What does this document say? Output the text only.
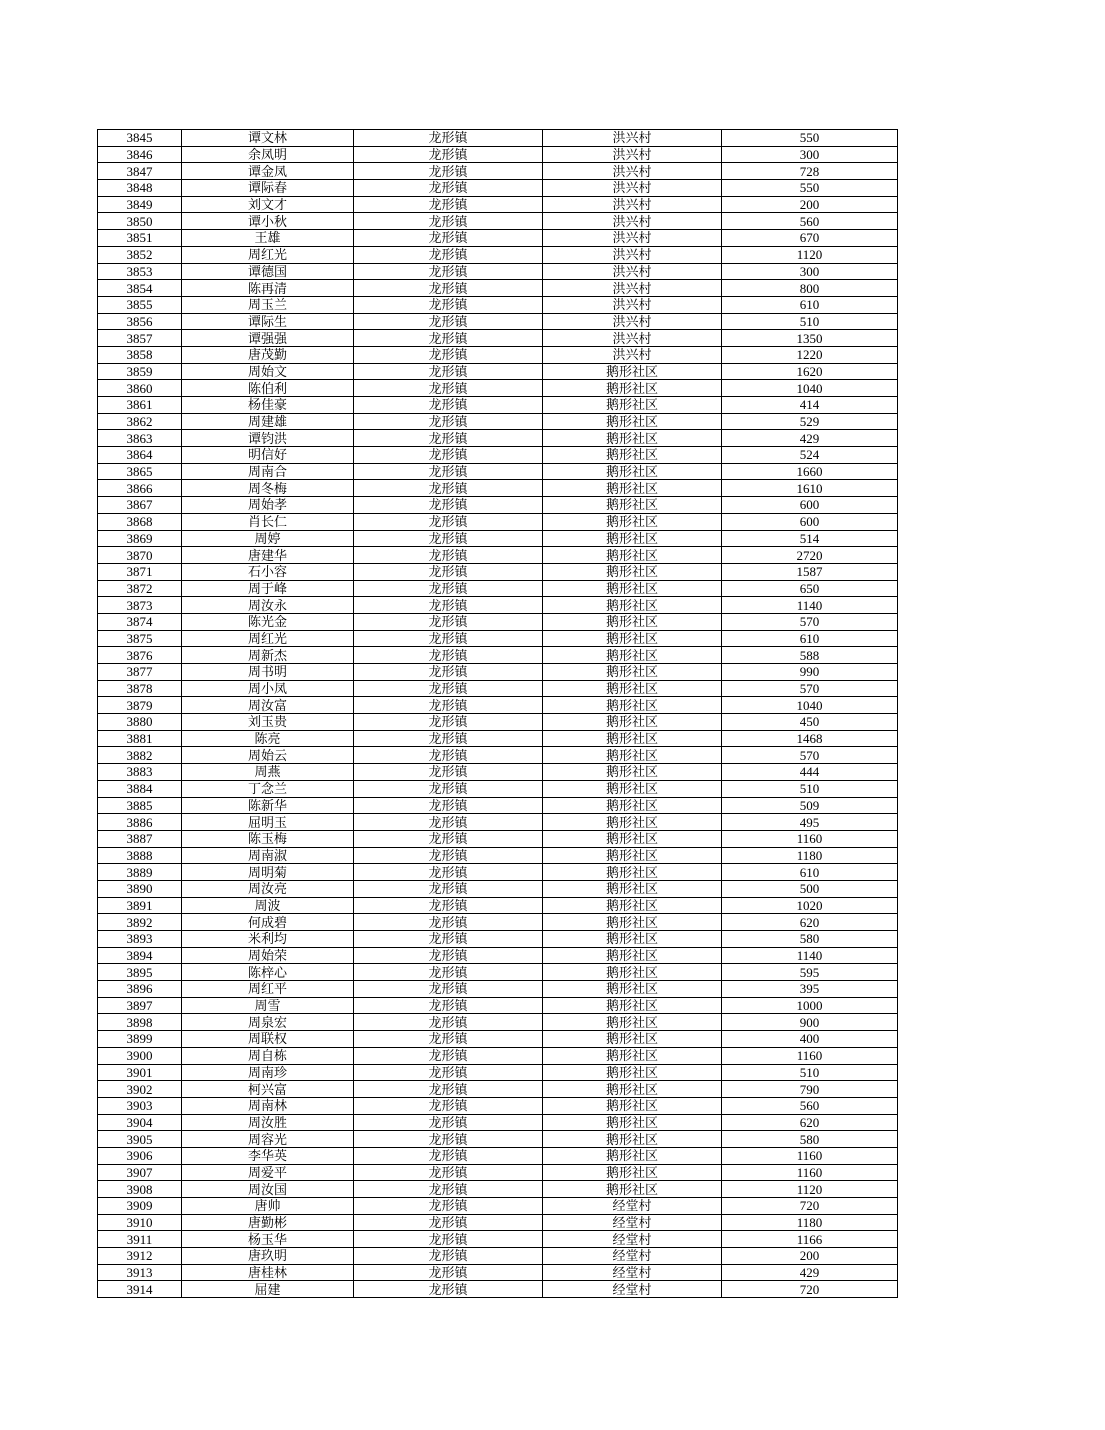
3845	谭文林	龙形镇	洪兴村	550
3846	余凤明	龙形镇	洪兴村	300
3847	谭金凤	龙形镇	洪兴村	728
3848	谭际春	龙形镇	洪兴村	550
3849	刘文才	龙形镇	洪兴村	200
3850	谭小秋	龙形镇	洪兴村	560
3851	王雄	龙形镇	洪兴村	670
3852	周红光	龙形镇	洪兴村	1120
3853	谭德国	龙形镇	洪兴村	300
3854	陈再清	龙形镇	洪兴村	800
3855	周玉兰	龙形镇	洪兴村	610
3856	谭际生	龙形镇	洪兴村	510
3857	谭强强	龙形镇	洪兴村	1350
3858	唐茂勤	龙形镇	洪兴村	1220
3859	周始文	龙形镇	鹅形社区	1620
3860	陈伯利	龙形镇	鹅形社区	1040
3861	杨佳豪	龙形镇	鹅形社区	414
3862	周建雄	龙形镇	鹅形社区	529
3863	谭钧洪	龙形镇	鹅形社区	429
3864	明信好	龙形镇	鹅形社区	524
3865	周南合	龙形镇	鹅形社区	1660
3866	周冬梅	龙形镇	鹅形社区	1610
3867	周始孝	龙形镇	鹅形社区	600
3868	肖长仁	龙形镇	鹅形社区	600
3869	周婷	龙形镇	鹅形社区	514
3870	唐建华	龙形镇	鹅形社区	2720
3871	石小容	龙形镇	鹅形社区	1587
3872	周于峰	龙形镇	鹅形社区	650
3873	周汝永	龙形镇	鹅形社区	1140
3874	陈光金	龙形镇	鹅形社区	570
3875	周红光	龙形镇	鹅形社区	610
3876	周新杰	龙形镇	鹅形社区	588
3877	周书明	龙形镇	鹅形社区	990
3878	周小凤	龙形镇	鹅形社区	570
3879	周汝富	龙形镇	鹅形社区	1040
3880	刘玉贵	龙形镇	鹅形社区	450
3881	陈亮	龙形镇	鹅形社区	1468
3882	周始云	龙形镇	鹅形社区	570
3883	周燕	龙形镇	鹅形社区	444
3884	丁念兰	龙形镇	鹅形社区	510
3885	陈新华	龙形镇	鹅形社区	509
3886	屈明玉	龙形镇	鹅形社区	495
3887	陈玉梅	龙形镇	鹅形社区	1160
3888	周南淑	龙形镇	鹅形社区	1180
3889	周明菊	龙形镇	鹅形社区	610
3890	周汝亮	龙形镇	鹅形社区	500
3891	周波	龙形镇	鹅形社区	1020
3892	何成碧	龙形镇	鹅形社区	620
3893	米利均	龙形镇	鹅形社区	580
3894	周始荣	龙形镇	鹅形社区	1140
3895	陈梓心	龙形镇	鹅形社区	595
3896	周红平	龙形镇	鹅形社区	395
3897	周雪	龙形镇	鹅形社区	1000
3898	周泉宏	龙形镇	鹅形社区	900
3899	周联权	龙形镇	鹅形社区	400
3900	周自栋	龙形镇	鹅形社区	1160
3901	周南珍	龙形镇	鹅形社区	510
3902	柯兴富	龙形镇	鹅形社区	790
3903	周南林	龙形镇	鹅形社区	560
3904	周汝胜	龙形镇	鹅形社区	620
3905	周容光	龙形镇	鹅形社区	580
3906	李华英	龙形镇	鹅形社区	1160
3907	周爱平	龙形镇	鹅形社区	1160
3908	周汝国	龙形镇	鹅形社区	1120
3909	唐帅	龙形镇	经堂村	720
3910	唐勤彬	龙形镇	经堂村	1180
3911	杨玉华	龙形镇	经堂村	1166
3912	唐玖明	龙形镇	经堂村	200
3913	唐桂林	龙形镇	经堂村	429
3914	屈建	龙形镇	经堂村	720
